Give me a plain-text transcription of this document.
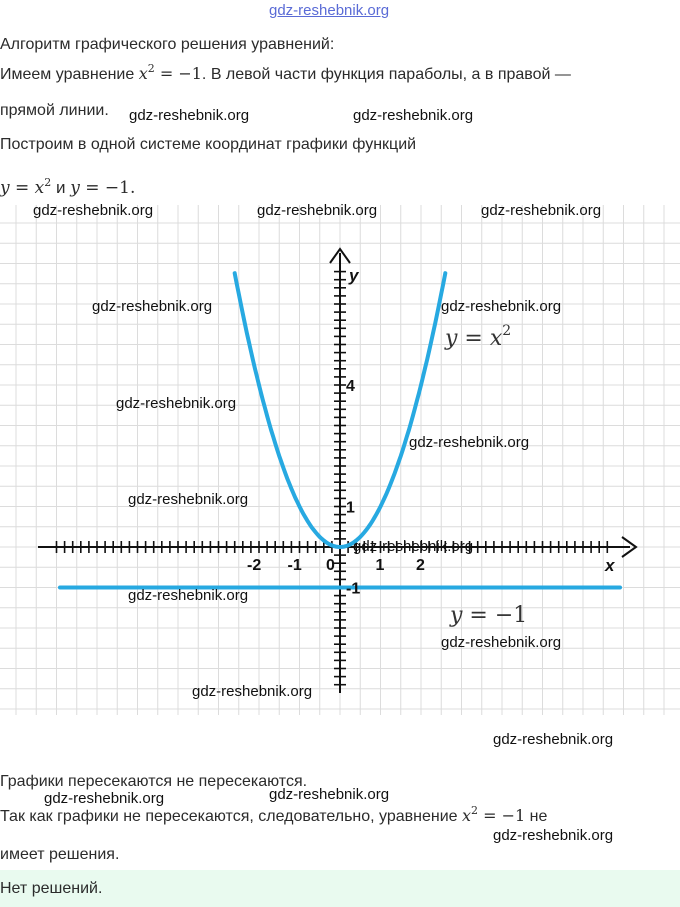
gdz-reshebnik.org
Алгоритм графического решения уравнений:
Имеем уравнение $x^2 = -1$. В левой части функция параболы, а в правой —
прямой линии.
Построим в одной системе координат графики функций
$y = x^2$ и y = −1.
-2 -1 0	1 2
4
1
-1
x
y
$y = x^2$
y = −1
Графики пересекаются не пересекаются.
Так как графики не пересекаются, следовательно, уравнение $x^2 = -1$ не
имеет решения.
Нет решений.
gdz-reshebnik.org	gdz-reshebnik.org
gdz-reshebnik.org	gdz-reshebnik.org	gdz-reshebnik.org
gdz-reshebnik.org	gdz-reshebnik.org
gdz-reshebnik.org
gdz-reshebnik.org
gdz-reshebnik.org
gdz-reshebnik.org
gdz-reshebnik.org
gdz-reshebnik.org
gdz-reshebnik.org
gdz-reshebnik.org
gdz-reshebnik.org	gdz-reshebnik.org
gdz-reshebnik.org
